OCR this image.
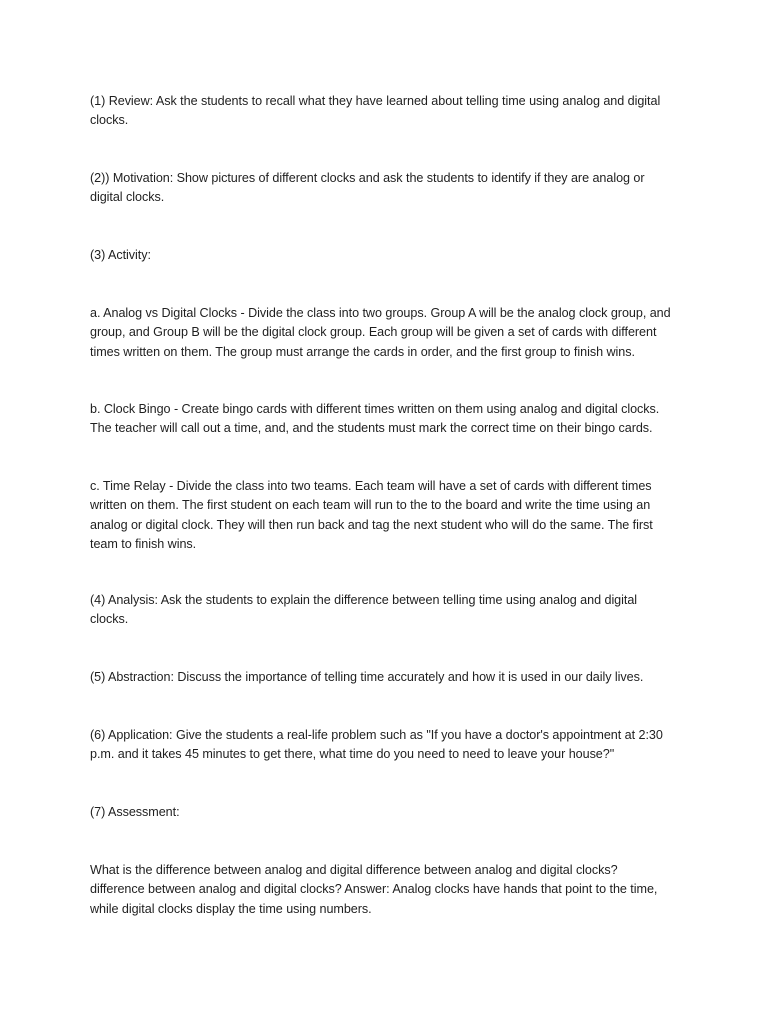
(1) Review: Ask the students to recall what they have learned about telling time using analog and digital
clocks.

(2)) Motivation: Show pictures of different clocks and ask the students to identify if they are analog or
digital clocks.

(3) Activity:

a. Analog vs Digital Clocks - Divide the class into two groups. Group A will be the analog clock group, and
group, and Group B will be the digital clock group. Each group will be given a set of cards with different
times written on them. The group must arrange the cards in order, and the first group to finish wins.

b. Clock Bingo - Create bingo cards with different times written on them using analog and digital clocks.
The teacher will call out a time, and, and the students must mark the correct time on their bingo cards.

c. Time Relay - Divide the class into two teams. Each team will have a set of cards with different times
written on them. The first student on each team will run to the to the board and write the time using an
analog or digital clock. They will then run back and tag the next student who will do the same. The first
team to finish wins.

(4) Analysis: Ask the students to explain the difference between telling time using analog and digital
clocks.

(5) Abstraction: Discuss the importance of telling time accurately and how it is used in our daily lives.

(6) Application: Give the students a real-life problem such as "If you have a doctor's appointment at 2:30
p.m. and it takes 45 minutes to get there, what time do you need to need to leave your house?"

(7) Assessment:

What is the difference between analog and digital difference between analog and digital clocks?
difference between analog and digital clocks? Answer: Analog clocks have hands that point to the time,
while digital clocks display the time using numbers.
